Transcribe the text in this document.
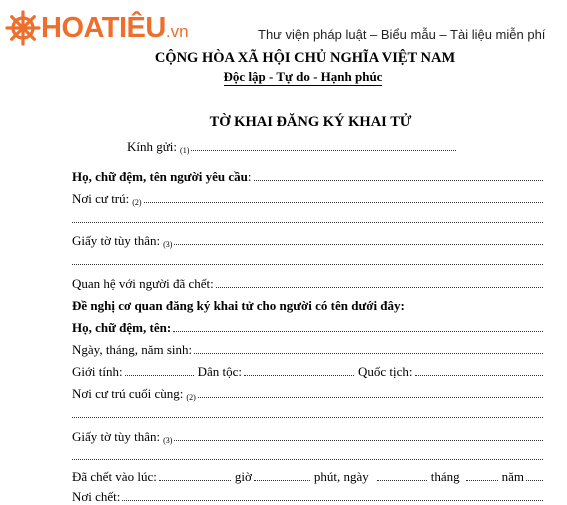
HOATIÊU.vn	Thư viện pháp luật – Biểu mẫu – Tài liệu miễn phí
CỘNG HÒA XÃ HỘI CHỦ NGHĨA VIỆT NAM
Độc lập - Tự do - Hạnh phúc
TỜ KHAI ĐĂNG KÝ KHAI TỬ
Kính gửi: $_{(1)}$
Họ, chữ đệm, tên người yêu cầu :
Nơi cư trú: $_{(2)}$
Giấy tờ tùy thân: $_{(3)}$
Quan hệ với người đã chết:
Đề nghị cơ quan đăng ký khai tử cho người có tên dưới đây:
Họ, chữ đệm, tên:
Ngày, tháng, năm sinh:
Giới tính:	Dân tộc:	Quốc tịch:
Nơi cư trú cuối cùng: $_{(2)}$
Giấy tờ tùy thân: $_{(3)}$
Đã chết vào lúc:	giờ	phút, ngày	tháng	năm
Nơi chết:
